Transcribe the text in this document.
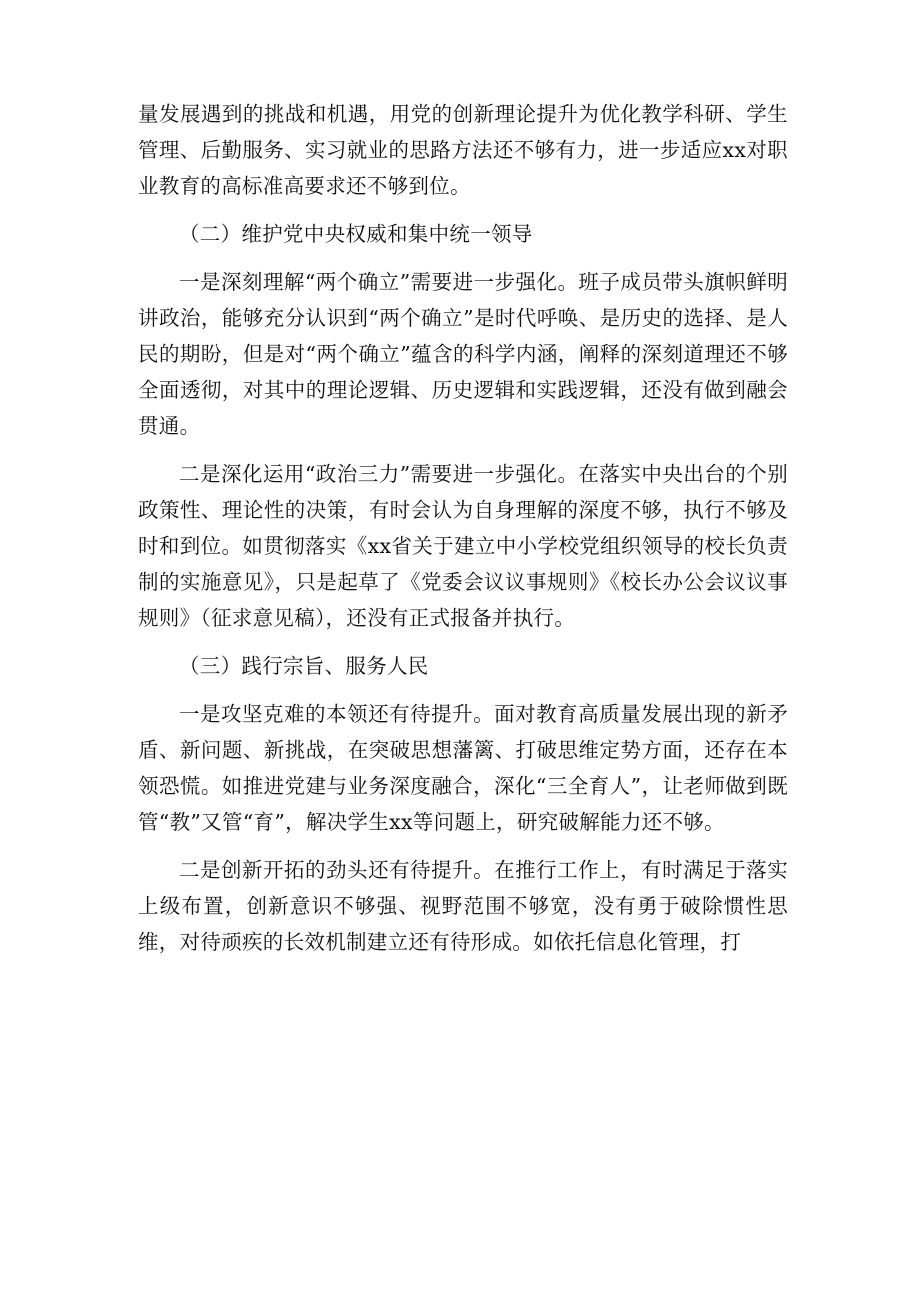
量发展遇到的挑战和机遇，用党的创新理论提升为优化教学科研、学生管理、后勤服务、实习就业的思路方法还不够有力，进一步适应xx对职业教育的高标准高要求还不够到位。

（二）维护党中央权威和集中统一领导

一是深刻理解“两个确立”需要进一步强化。班子成员带头旗帜鲜明讲政治，能够充分认识到“两个确立”是时代呼唤、是历史的选择、是人民的期盼，但是对“两个确立”蕴含的科学内涵，阐释的深刻道理还不够全面透彻，对其中的理论逻辑、历史逻辑和实践逻辑，还没有做到融会贯通。

二是深化运用“政治三力”需要进一步强化。在落实中央出台的个别政策性、理论性的决策，有时会认为自身理解的深度不够，执行不够及时和到位。如贯彻落实《xx省关于建立中小学校党组织领导的校长负责制的实施意见》，只是起草了《党委会议议事规则》《校长办公会议议事规则》（征求意见稿），还没有正式报备并执行。

（三）践行宗旨、服务人民

一是攻坚克难的本领还有待提升。面对教育高质量发展出现的新矛盾、新问题、新挑战，在突破思想藩篱、打破思维定势方面，还存在本领恐慌。如推进党建与业务深度融合，深化“三全育人”，让老师做到既管“教”又管“育”，解决学生xx等问题上，研究破解能力还不够。

二是创新开拓的劲头还有待提升。在推行工作上，有时满足于落实上级布置，创新意识不够强、视野范围不够宽，没有勇于破除惯性思维，对待顽疾的长效机制建立还有待形成。如依托信息化管理，打
